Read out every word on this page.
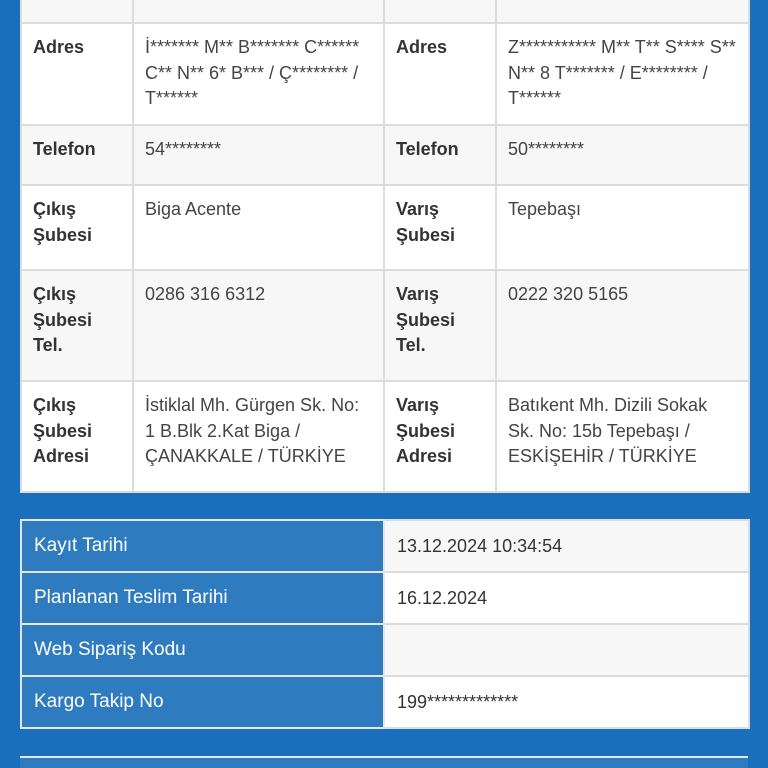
Adres	İ******* M** B******* C****** C** N** 6* B*** / Ç******** / T******	Adres	Z*********** M** T** S**** S** N** 8 T******* / E******** / T******
Telefon	54********	Telefon	50********
Çıkış Şubesi	Biga Acente	Varış Şubesi	Tepebaşı
Çıkış Şubesi Tel.	0286 316 6312	Varış Şubesi Tel.	0222 320 5165
Çıkış Şubesi Adresi	İstiklal Mh. Gürgen Sk. No: 1 B.Blk 2.Kat Biga / ÇANAKKALE / TÜRKİYE	Varış Şubesi Adresi	Batıkent Mh. Dizili Sokak Sk. No: 15b Tepebaşı / ESKİŞEHİR / TÜRKİYE
Kayıt Tarihi	13.12.2024 10:34:54
Planlanan Teslim Tarihi	16.12.2024
Web Sipariş Kodu	
Kargo Takip No	199*************
